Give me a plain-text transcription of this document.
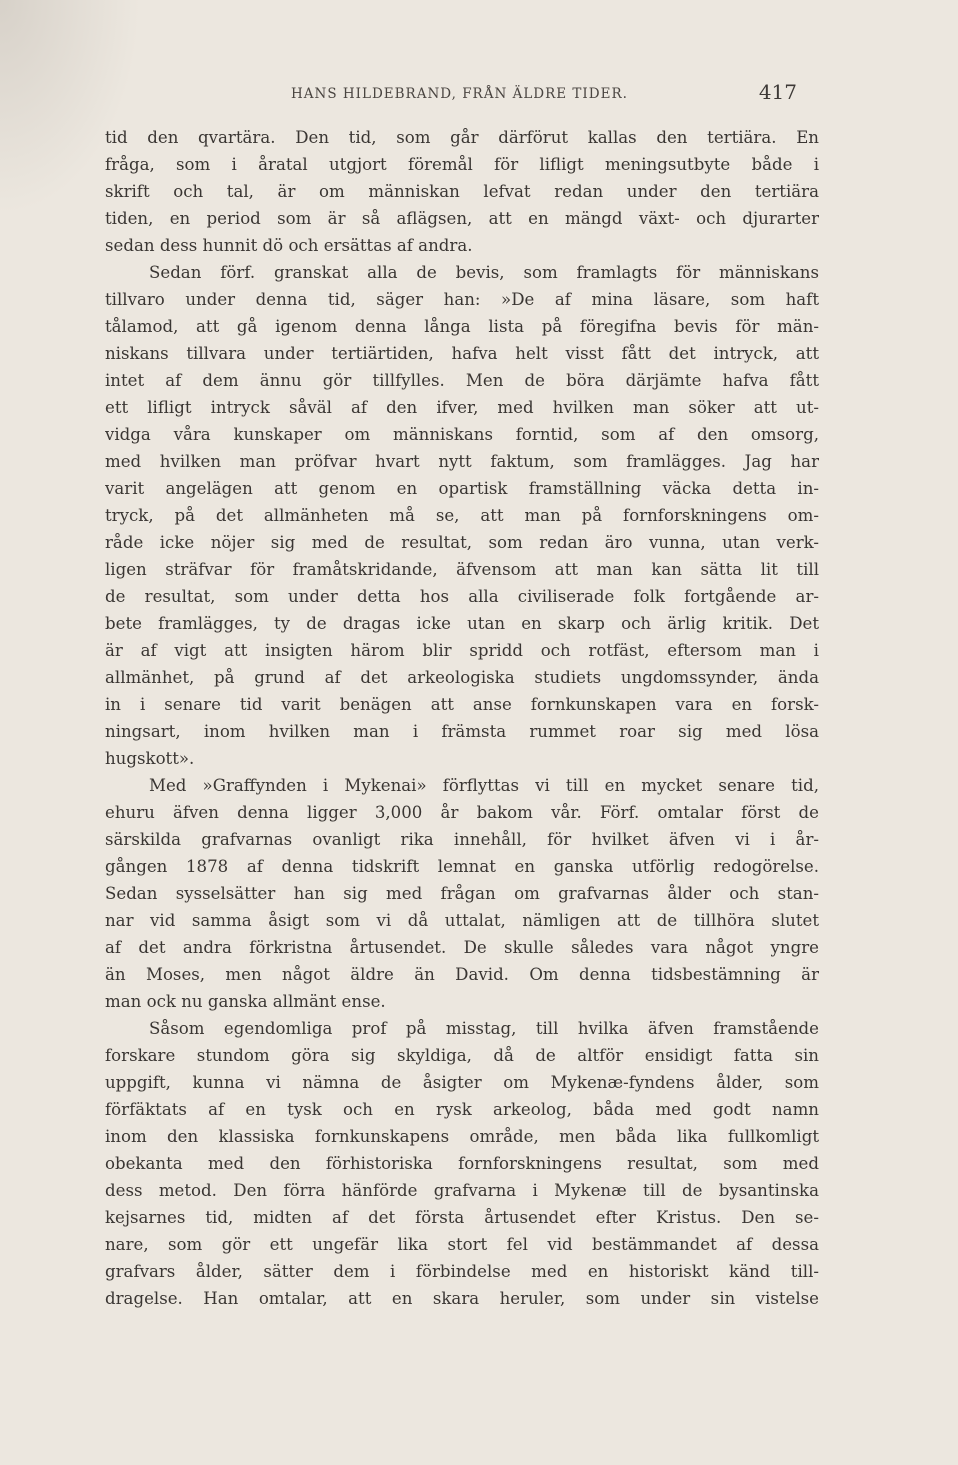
HANS HILDEBRAND, FRÅN ÄLDRE TIDER.	417
tid den qvartära. Den tid, som går därförut kallas den tertiära. En
fråga, som i åratal utgjort föremål för lifligt meningsutbyte både i
skrift och tal, är om människan lefvat redan under den tertiära
tiden, en period som är så aflägsen, att en mängd växt- och djurarter
sedan dess hunnit dö och ersättas af andra.
Sedan förf. granskat alla de bevis, som framlagts för människans
tillvaro under denna tid, säger han: »De af mina läsare, som haft
tålamod, att gå igenom denna långa lista på föregifna bevis för män-
niskans tillvara under tertiärtiden, hafva helt visst fått det intryck, att
intet af dem ännu gör tillfylles. Men de böra därjämte hafva fått
ett lifligt intryck såväl af den ifver, med hvilken man söker att ut-
vidga våra kunskaper om människans forntid, som af den omsorg,
med hvilken man pröfvar hvart nytt faktum, som framlägges. Jag har
varit angelägen att genom en opartisk framställning väcka detta in-
tryck, på det allmänheten må se, att man på fornforskningens om-
råde icke nöjer sig med de resultat, som redan äro vunna, utan verk-
ligen sträfvar för framåtskridande, äfvensom att man kan sätta lit till
de resultat, som under detta hos alla civiliserade folk fortgående ar-
bete framlägges, ty de dragas icke utan en skarp och ärlig kritik. Det
är af vigt att insigten härom blir spridd och rotfäst, eftersom man i
allmänhet, på grund af det arkeologiska studiets ungdomssynder, ända
in i senare tid varit benägen att anse fornkunskapen vara en forsk-
ningsart, inom hvilken man i främsta rummet roar sig med lösa
hugskott».
Med »Graffynden i Mykenai» förflyttas vi till en mycket senare tid,
ehuru äfven denna ligger 3,000 år bakom vår. Förf. omtalar först de
särskilda grafvarnas ovanligt rika innehåll, för hvilket äfven vi i år-
gången 1878 af denna tidskrift lemnat en ganska utförlig redogörelse.
Sedan sysselsätter han sig med frågan om grafvarnas ålder och stan-
nar vid samma åsigt som vi då uttalat, nämligen att de tillhöra slutet
af det andra förkristna årtusendet. De skulle således vara något yngre
än Moses, men något äldre än David. Om denna tidsbestämning är
man ock nu ganska allmänt ense.
Såsom egendomliga prof på misstag, till hvilka äfven framstående
forskare stundom göra sig skyldiga, då de altför ensidigt fatta sin
uppgift, kunna vi nämna de åsigter om Mykenæ-fyndens ålder, som
förfäktats af en tysk och en rysk arkeolog, båda med godt namn
inom den klassiska fornkunskapens område, men båda lika fullkomligt
obekanta med den förhistoriska fornforskningens resultat, som med
dess metod. Den förra hänförde grafvarna i Mykenæ till de bysantinska
kejsarnes tid, midten af det första årtusendet efter Kristus. Den se-
nare, som gör ett ungefär lika stort fel vid bestämmandet af dessa
grafvars ålder, sätter dem i förbindelse med en historiskt känd till-
dragelse. Han omtalar, att en skara heruler, som under sin vistelse
